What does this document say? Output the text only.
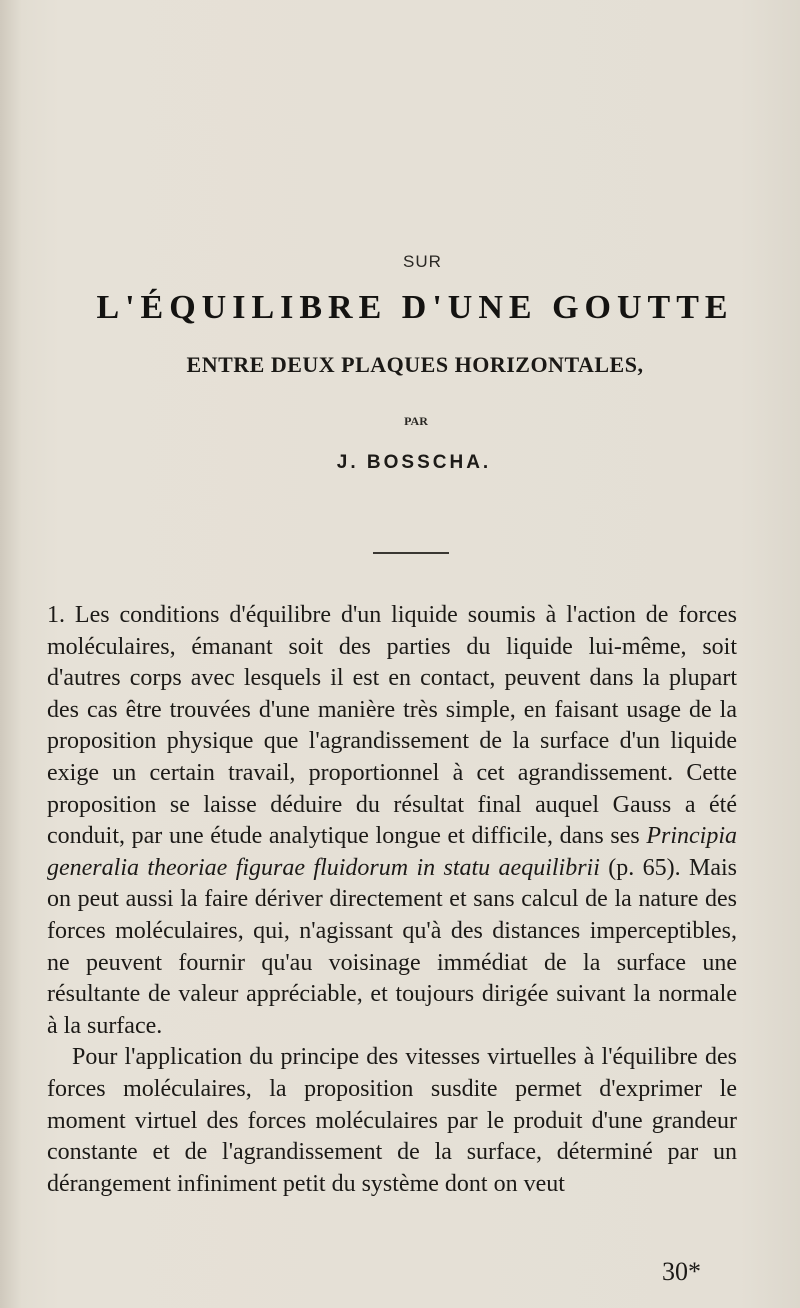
SUR
L'ÉQUILIBRE D'UNE GOUTTE
ENTRE DEUX PLAQUES HORIZONTALES,
PAR
J. BOSSCHA.

1. Les conditions d'équilibre d'un liquide soumis à l'action de forces moléculaires, émanant soit des parties du liquide lui-même, soit d'autres corps avec lesquels il est en contact, peuvent dans la plupart des cas être trouvées d'une manière très simple, en faisant usage de la proposition physique que l'agrandissement de la surface d'un liquide exige un certain travail, proportionnel à cet agrandissement. Cette proposition se laisse déduire du résultat final auquel Gauss a été conduit, par une étude analytique longue et difficile, dans ses Principia generalia theoriae figurae fluidorum in statu aequilibrii (p. 65). Mais on peut aussi la faire dériver directement et sans calcul de la nature des forces moléculaires, qui, n'agissant qu'à des distances imperceptibles, ne peuvent fournir qu'au voisinage immédiat de la surface une résultante de valeur appréciable, et toujours dirigée suivant la normale à la surface.

Pour l'application du principe des vitesses virtuelles à l'équilibre des forces moléculaires, la proposition susdite permet d'exprimer le moment virtuel des forces moléculaires par le produit d'une grandeur constante et de l'agrandissement de la surface, déterminé par un dérangement infiniment petit du système dont on veut

30*
